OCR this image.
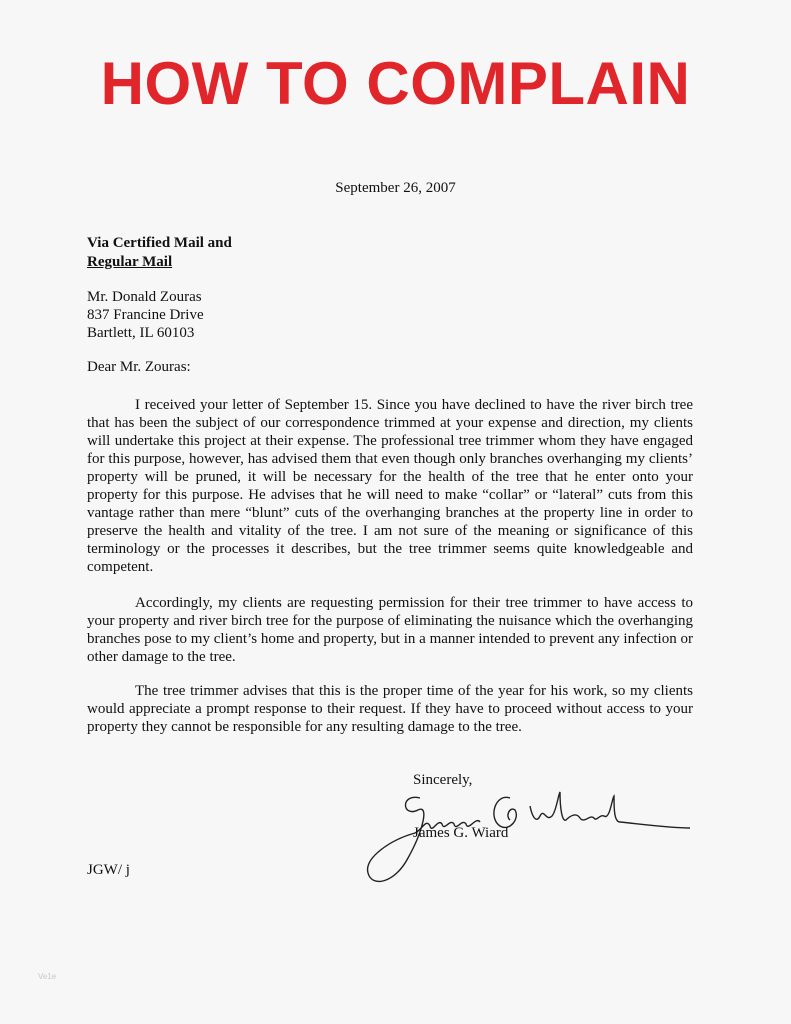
HOW TO COMPLAIN
September 26, 2007
Via Certified Mail and
Regular Mail
Mr. Donald Zouras
837 Francine Drive
Bartlett, IL 60103
Dear Mr. Zouras:
I received your letter of September 15. Since you have declined to have the river birch tree that has been the subject of our correspondence trimmed at your expense and direction, my clients will undertake this project at their expense. The professional tree trimmer whom they have engaged for this purpose, however, has advised them that even though only branches overhanging my clients’ property will be pruned, it will be necessary for the health of the tree that he enter onto your property for this purpose. He advises that he will need to make “collar” or “lateral” cuts from this vantage rather than mere “blunt” cuts of the overhanging branches at the property line in order to preserve the health and vitality of the tree. I am not sure of the meaning or significance of this terminology or the processes it describes, but the tree trimmer seems quite knowledgeable and competent.
Accordingly, my clients are requesting permission for their tree trimmer to have access to your property and river birch tree for the purpose of eliminating the nuisance which the overhanging branches pose to my client’s home and property, but in a manner intended to prevent any infection or other damage to the tree.
The tree trimmer advises that this is the proper time of the year for his work, so my clients would appreciate a prompt response to their request. If they have to proceed without access to your property they cannot be responsible for any resulting damage to the tree.
Sincerely,
James G. Wiard
JGW/ j
Ve1e
